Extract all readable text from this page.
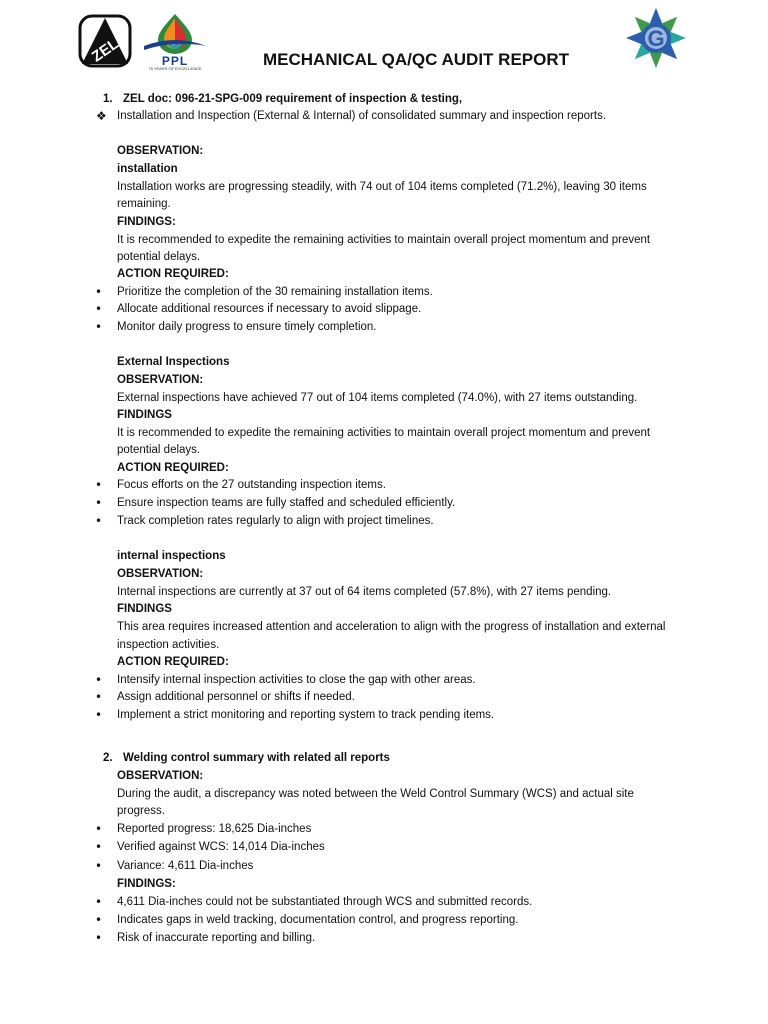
ZEL	PPL
75 YEARS OF EXCELLENCE
G
MECHANICAL QA/QC AUDIT REPORT
1. ZEL doc: 096-21-SPG-009 requirement of inspection & testing,
❖ Installation and Inspection (External & Internal) of consolidated summary and inspection reports.
OBSERVATION:
installation
Installation works are progressing steadily, with 74 out of 104 items completed (71.2%), leaving 30 items
remaining.
FINDINGS:
It is recommended to expedite the remaining activities to maintain overall project momentum and prevent
potential delays.
ACTION REQUIRED:
• Prioritize the completion of the 30 remaining installation items.
• Allocate additional resources if necessary to avoid slippage.
• Monitor daily progress to ensure timely completion.
External Inspections
OBSERVATION:
External inspections have achieved 77 out of 104 items completed (74.0%), with 27 items outstanding.
FINDINGS
It is recommended to expedite the remaining activities to maintain overall project momentum and prevent
potential delays.
ACTION REQUIRED:
• Focus efforts on the 27 outstanding inspection items.
• Ensure inspection teams are fully staffed and scheduled efficiently.
• Track completion rates regularly to align with project timelines.
internal inspections
OBSERVATION:
Internal inspections are currently at 37 out of 64 items completed (57.8%), with 27 items pending.
FINDINGS
This area requires increased attention and acceleration to align with the progress of installation and external
inspection activities.
ACTION REQUIRED:
• Intensify internal inspection activities to close the gap with other areas.
• Assign additional personnel or shifts if needed.
• Implement a strict monitoring and reporting system to track pending items.
2. Welding control summary with related all reports
OBSERVATION:
During the audit, a discrepancy was noted between the Weld Control Summary (WCS) and actual site
progress.
• Reported progress: 18,625 Dia-inches
• Verified against WCS: 14,014 Dia-inches
• Variance: 4,611 Dia-inches
FINDINGS:
• 4,611 Dia-inches could not be substantiated through WCS and submitted records.
• Indicates gaps in weld tracking, documentation control, and progress reporting.
• Risk of inaccurate reporting and billing.
